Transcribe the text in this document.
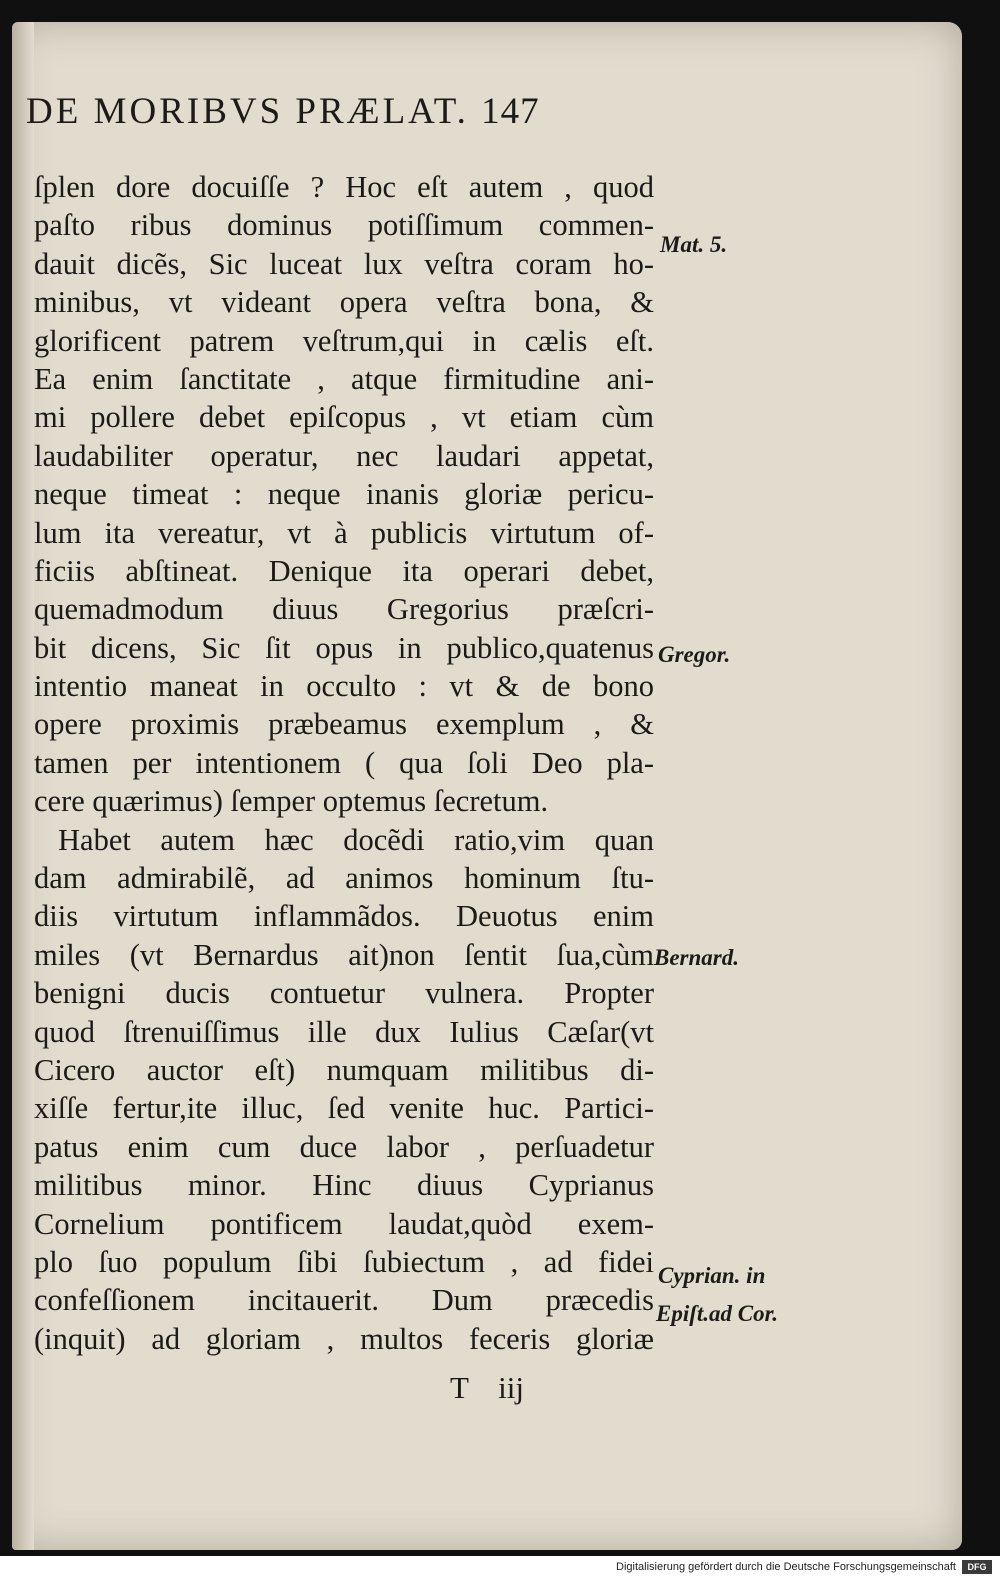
DE MORIBVS PRÆLAT. 147
ſplen dore docuiſſe ? Hoc eſt autem , quod
paſto ribus dominus potiſſimum commen-
dauit dicẽs, Sic luceat lux veſtra coram ho-
minibus, vt videant opera veſtra bona, &
glorificent patrem veſtrum,qui in cælis eſt.
Ea enim ſanctitate , atque firmitudine ani-
mi pollere debet epiſcopus , vt etiam cùm
laudabiliter operatur, nec laudari appetat,
neque timeat : neque inanis gloriæ pericu-
lum ita vereatur, vt à publicis virtutum of-
ficiis abſtineat. Denique ita operari debet,
quemadmodum diuus Gregorius præſcri-
bit dicens, Sic ſit opus in publico,quatenus
intentio maneat in occulto : vt & de bono
opere proximis præbeamus exemplum , &
tamen per intentionem ( qua ſoli Deo pla-
cere quærimus) ſemper optemus ſecretum.
Habet autem hæc docẽdi ratio,vim quan
dam admirabilẽ, ad animos hominum ſtu-
diis virtutum inflammãdos. Deuotus enim
miles (vt Bernardus ait)non ſentit ſua,cùm
benigni ducis contuetur vulnera. Propter
quod ſtrenuiſſimus ille dux Iulius Cæſar(vt
Cicero auctor eſt) numquam militibus di-
xiſſe fertur,ite illuc, ſed venite huc. Partici-
patus enim cum duce labor , perſuadetur
militibus minor. Hinc diuus Cyprianus
Cornelium pontificem laudat,quòd exem-
plo ſuo populum ſibi ſubiectum , ad fidei
confeſſionem incitauerit. Dum præcedis
(inquit) ad gloriam , multos feceris gloriæ
Mat. 5.
Gregor.
Bernard.
Cyprian. in
Epiſt.ad Cor.
T iij
Digitalisierung gefördert durch die Deutsche Forschungsgemeinschaft	DFG
